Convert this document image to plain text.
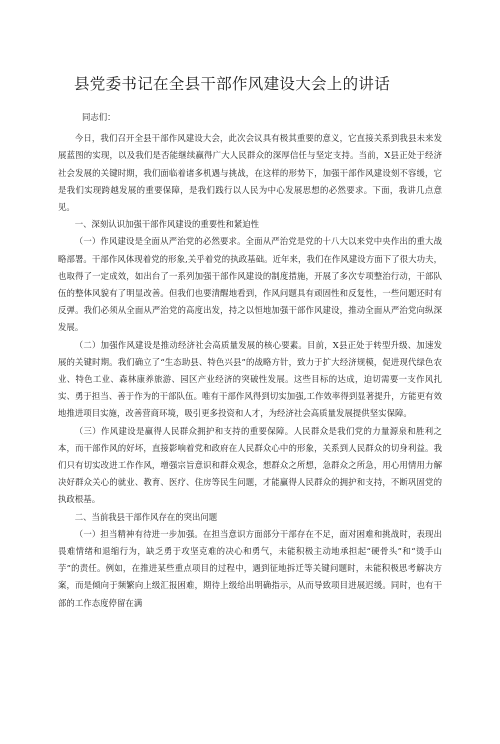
县党委书记在全县干部作风建设大会上的讲话

同志们：

今日，我们召开全县干部作风建设大会，此次会议具有极其重要的意义，它直接关系到我县未来发展蓝图的实现，以及我们是否能继续赢得广大人民群众的深厚信任与坚定支持。当前，X县正处于经济社会发展的关键时期，我们面临着诸多机遇与挑战，在这样的形势下，加强干部作风建设刻不容缓，它是我们实现跨越发展的重要保障，是我们践行以人民为中心发展思想的必然要求。下面，我讲几点意见。

一、深刻认识加强干部作风建设的重要性和紧迫性

（一）作风建设是全面从严治党的必然要求。全面从严治党是党的十八大以来党中央作出的重大战略部署。干部作风体现着党的形象,关乎着党的执政基础。近年来，我们在作风建设方面下了很大功夫，也取得了一定成效，如出台了一系列加强干部作风建设的制度措施，开展了多次专项整治行动，干部队伍的整体风貌有了明显改善。但我们也要清醒地看到，作风问题具有顽固性和反复性，一些问题还时有反弹。我们必须从全面从严治党的高度出发，持之以恒地加强干部作风建设，推动全面从严治党向纵深发展。

（二）加强作风建设是推动经济社会高质量发展的核心要素。目前，X县正处于转型升级、加速发展的关键时期。我们确立了“生态助县、特色兴县”的战略方针，致力于扩大经济规模，促进现代绿色农业、特色工业、森林康养旅游、园区产业经济的突破性发展。这些目标的达成，迫切需要一支作风扎实、勇于担当、善于作为的干部队伍。唯有干部作风得到切实加强,工作效率得到显著提升，方能更有效地推进项目实施，改善营商环境，吸引更多投资和人才，为经济社会高质量发展提供坚实保障。

（三）作风建设是赢得人民群众拥护和支持的重要保障。人民群众是我们党的力量源泉和胜利之本，而干部作风的好坏，直接影响着党和政府在人民群众心中的形象，关系到人民群众的切身利益。我们只有切实改进工作作风，增强宗旨意识和群众观念，想群众之所想，急群众之所急，用心用情用力解决好群众关心的就业、教育、医疗、住房等民生问题，才能赢得人民群众的拥护和支持，不断巩固党的执政根基。

二、当前我县干部作风存在的突出问题

（一）担当精神有待进一步加强。在担当意识方面部分干部存在不足，面对困难和挑战时，表现出畏难情绪和退缩行为，缺乏勇于攻坚克难的决心和勇气，未能积极主动地承担起“硬骨头”和“烫手山芋”的责任。例如，在推进某些重点项目的过程中，遇到征地拆迁等关键问题时，未能积极思考解决方案，而是倾向于频繁向上级汇报困难，期待上级给出明确指示，从而导致项目进展迟缓。同时，也有干部的工作态度停留在满
